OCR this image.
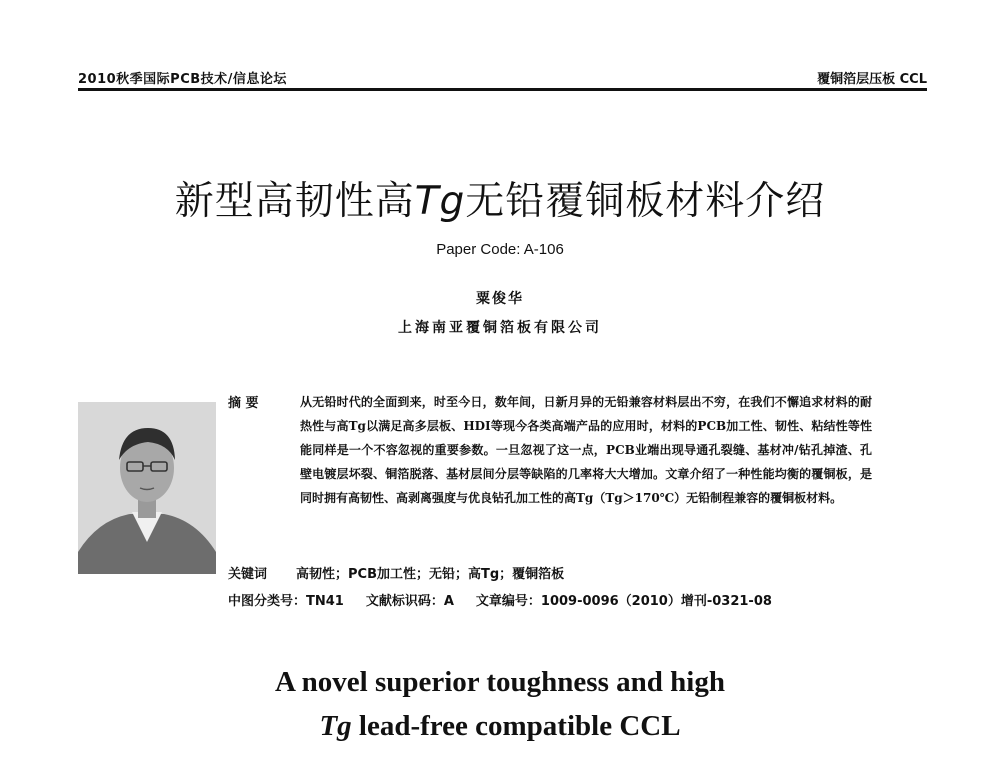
2010秋季国际PCB技术/信息论坛	覆铜箔层压板 CCL
新型高韧性高Tg无铅覆铜板材料介绍
Paper Code: A-106
粟俊华
上海南亚覆铜箔板有限公司
摘 要	从无铅时代的全面到来，时至今日，数年间，日新月异的无铅兼容材料层出不穷，在我们不懈追求材料的耐热性与高Tg以满足高多层板、HDI等现今各类高端产品的应用时，材料的PCB加工性、韧性、粘结性等性能同样是一个不容忽视的重要参数。一旦忽视了这一点，PCB业端出现导通孔裂缝、基材冲/钻孔掉渣、孔壁电镀层坏裂、铜箔脱落、基材层间分层等缺陷的几率将大大增加。文章介绍了一种性能均衡的覆铜板，是同时拥有高韧性、高剥离强度与优良钻孔加工性的高Tg（Tg＞170℃）无铅制程兼容的覆铜板材料。
关键词 高韧性；PCB加工性；无铅；高Tg；覆铜箔板
中图分类号：TN41 文献标识码：A 文章编号：1009-0096（2010）增刊-0321-08
A novel superior toughness and high
Tg lead-free compatible CCL
